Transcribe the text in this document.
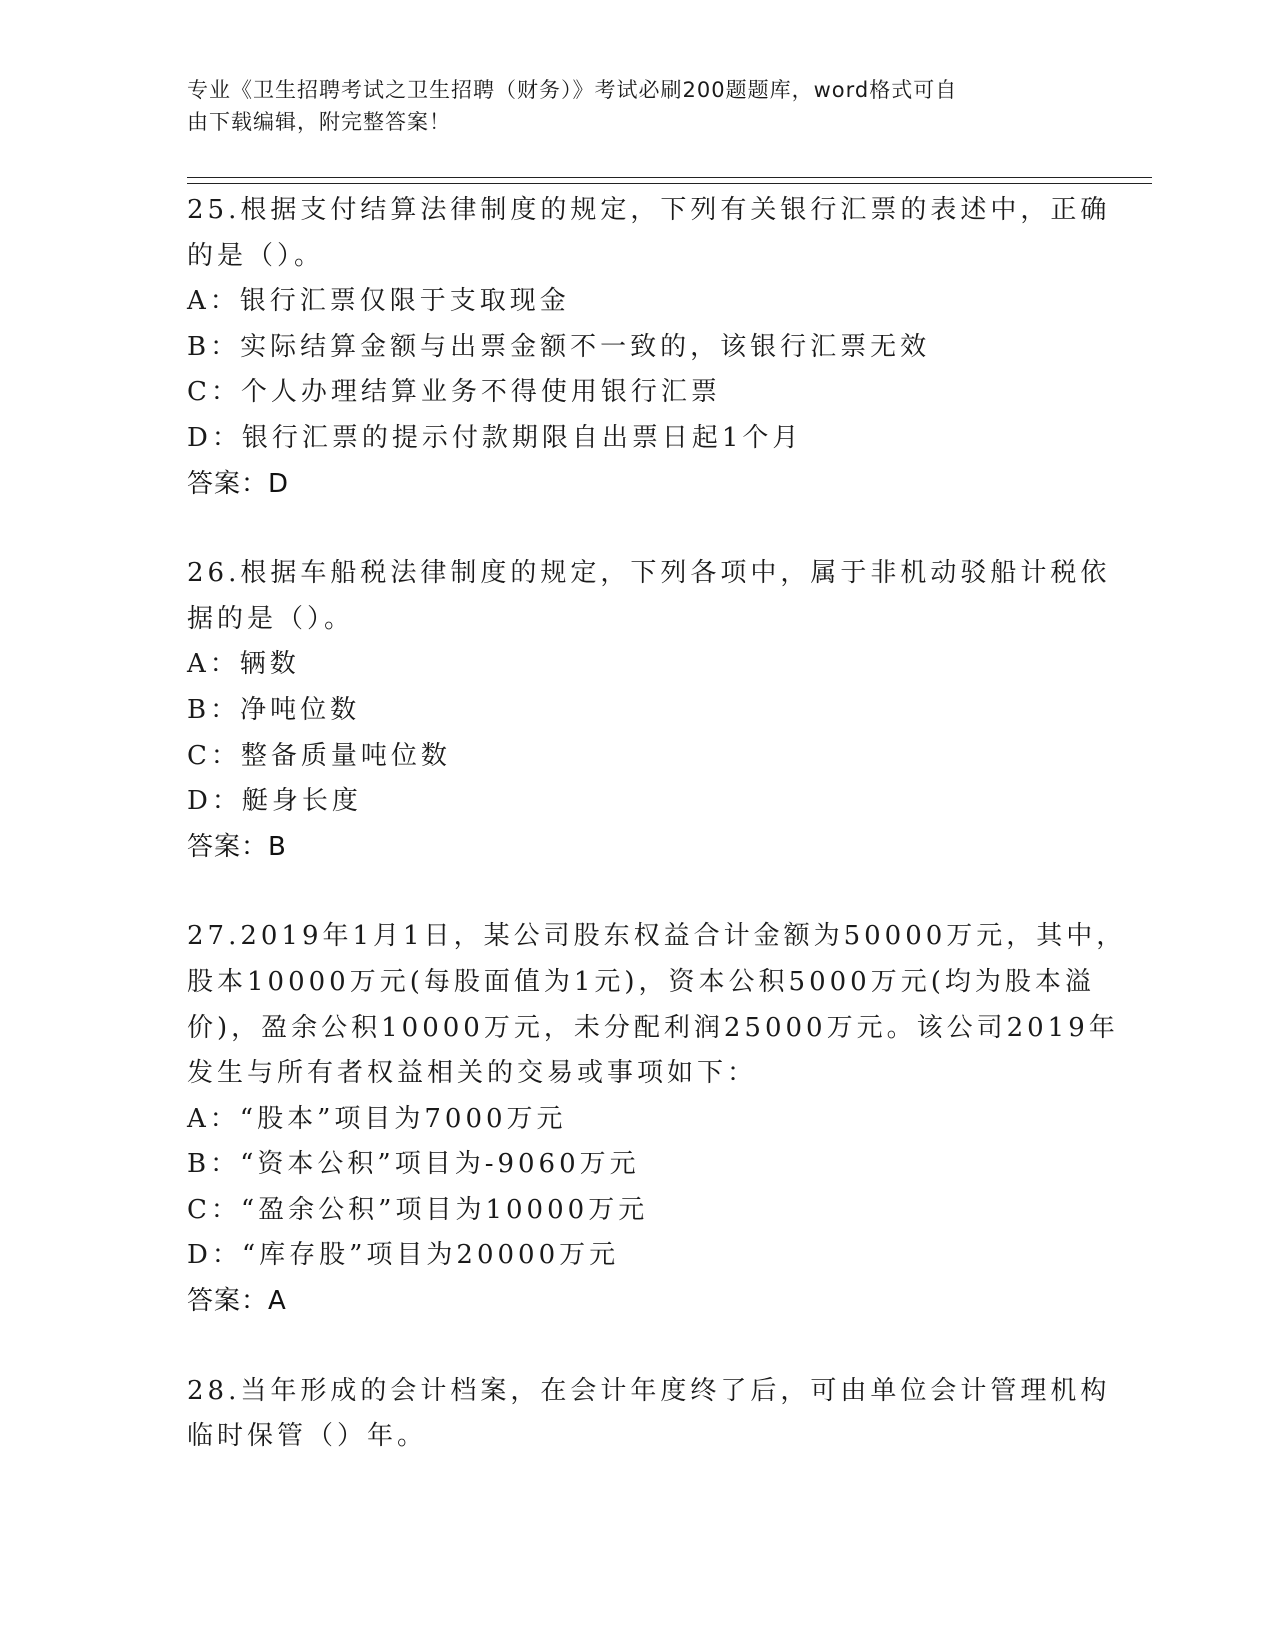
专业《卫生招聘考试之卫生招聘（财务）》考试必刷200题题库，word格式可自
由下载编辑，附完整答案！
25.根据支付结算法律制度的规定，下列有关银行汇票的表述中，正确
的是（）。
A：银行汇票仅限于支取现金
B：实际结算金额与出票金额不一致的，该银行汇票无效
C：个人办理结算业务不得使用银行汇票
D：银行汇票的提示付款期限自出票日起1个月
答案：D
26.根据车船税法律制度的规定，下列各项中，属于非机动驳船计税依
据的是（）。
A：辆数
B：净吨位数
C：整备质量吨位数
D：艇身长度
答案：B
27.2019年1月1日，某公司股东权益合计金额为50000万元，其中，
股本10000万元(每股面值为1元)，资本公积5000万元(均为股本溢
价)，盈余公积10000万元，未分配利润25000万元。该公司2019年
发生与所有者权益相关的交易或事项如下：
A：“股本”项目为7000万元
B：“资本公积”项目为-9060万元
C：“盈余公积”项目为10000万元
D：“库存股”项目为20000万元
答案：A
28.当年形成的会计档案，在会计年度终了后，可由单位会计管理机构
临时保管（）年。
